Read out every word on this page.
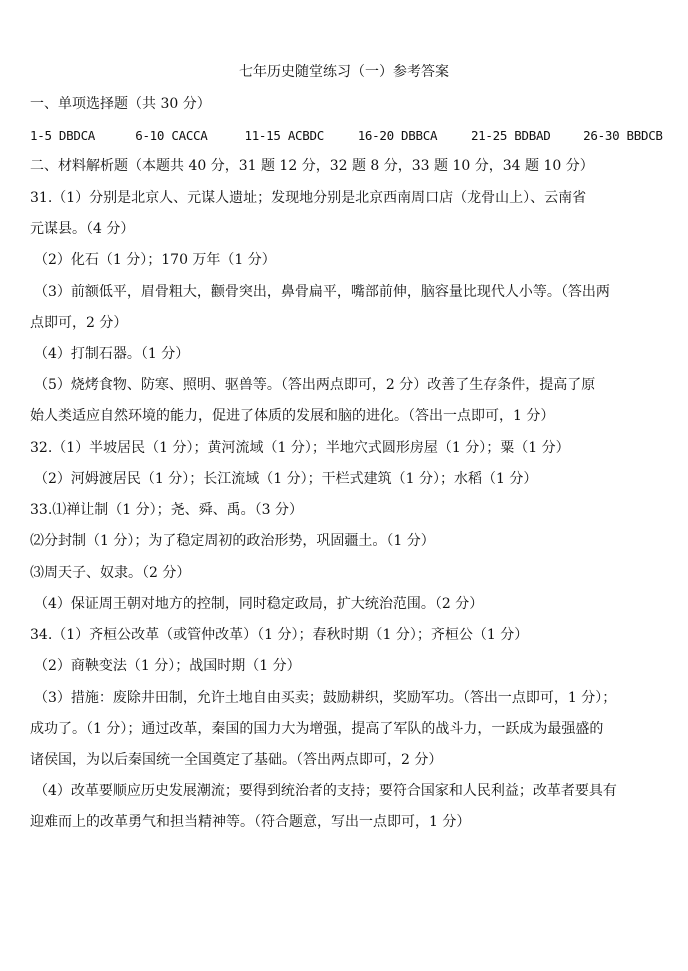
七年历史随堂练习（一）参考答案
一、单项选择题（共 30 分）
1-5 DBDCA	6-10 CACCA	11-15 ACBDC	16-20 DBBCA	21-25 BDBAD	26-30 BBDCB
二、材料解析题（本题共 40 分，31 题 12 分，32 题 8 分，33 题 10 分，34 题 10 分）
31.（1）分别是北京人、元谋人遗址；发现地分别是北京西南周口店（龙骨山上）、云南省
元谋县。（4 分）
（2）化石（1 分）；170 万年（1 分）
（3）前额低平，眉骨粗大，颧骨突出，鼻骨扁平，嘴部前伸，脑容量比现代人小等。（答出两
点即可，2 分）
（4）打制石器。（1 分）
（5）烧烤食物、防寒、照明、驱兽等。（答出两点即可，2 分）改善了生存条件，提高了原
始人类适应自然环境的能力，促进了体质的发展和脑的进化。（答出一点即可，1 分）
32.（1）半坡居民（1 分）；黄河流域（1 分）；半地穴式圆形房屋（1 分）；粟（1 分）
（2）河姆渡居民（1 分）；长江流域（1 分）；干栏式建筑（1 分）；水稻（1 分）
33.⑴禅让制（1 分）；尧、舜、禹。（3 分）
⑵分封制（1 分）；为了稳定周初的政治形势，巩固疆土。（1 分）
⑶周天子、奴隶。（2 分）
（4）保证周王朝对地方的控制，同时稳定政局，扩大统治范围。（2 分）
34.（1）齐桓公改革（或管仲改革）（1 分）；春秋时期（1 分）；齐桓公（1 分）
（2）商鞅变法（1 分）；战国时期（1 分）
（3）措施：废除井田制，允许土地自由买卖；鼓励耕织，奖励军功。（答出一点即可，1 分）；
成功了。（1 分）；通过改革，秦国的国力大为增强，提高了军队的战斗力，一跃成为最强盛的
诸侯国，为以后秦国统一全国奠定了基础。（答出两点即可，2 分）
（4）改革要顺应历史发展潮流；要得到统治者的支持；要符合国家和人民利益；改革者要具有
迎难而上的改革勇气和担当精神等。（符合题意，写出一点即可，1 分）
